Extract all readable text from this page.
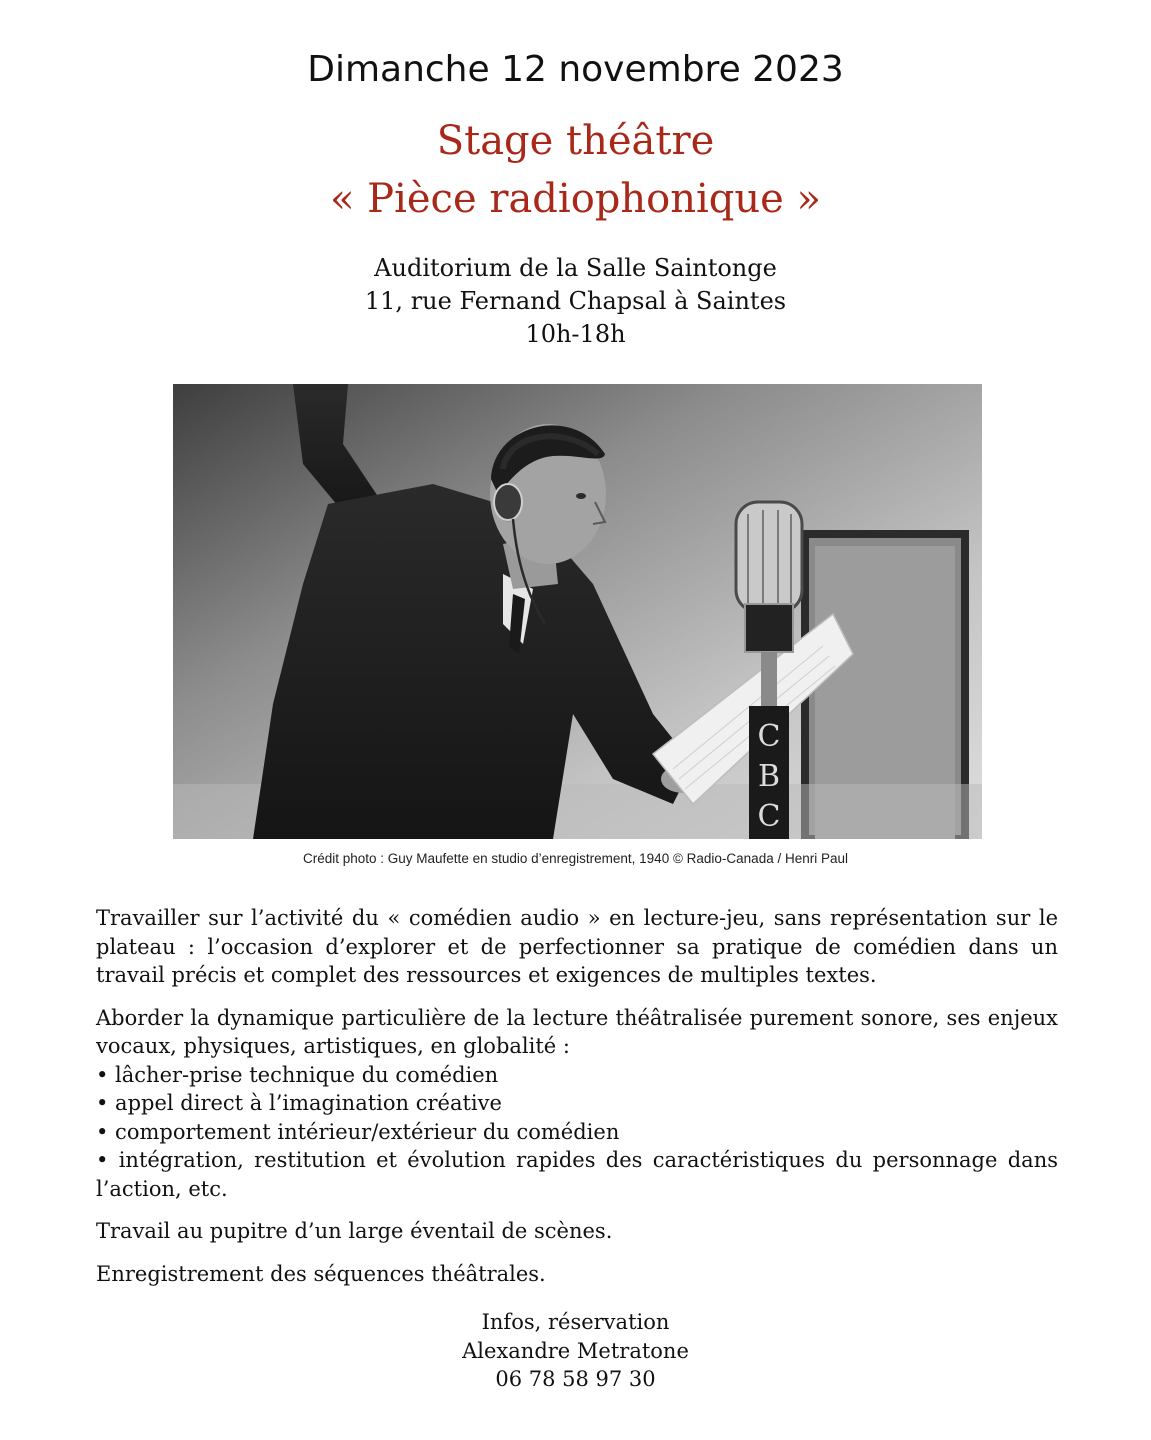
Dimanche 12 novembre 2023
Stage théâtre
« Pièce radiophonique »
Auditorium de la Salle Saintonge
11, rue Fernand Chapsal à Saintes
10h-18h
C
B
C
Crédit photo : Guy Maufette en studio d’enregistrement, 1940 © Radio-Canada / Henri Paul

Travailler sur l’activité du « comédien audio » en lecture-jeu, sans représentation sur le plateau : l’occasion d’explorer et de perfectionner sa pratique de comédien dans un travail précis et complet des ressources et exigences de multiples textes.

Aborder la dynamique particulière de la lecture théâtralisée purement sonore, ses enjeux vocaux, physiques, artistiques, en globalité :
• lâcher-prise technique du comédien
• appel direct à l’imagination créative
• comportement intérieur/extérieur du comédien
• intégration, restitution et évolution rapides des caractéristiques du personnage dans l’action, etc.

Travail au pupitre d’un large éventail de scènes.

Enregistrement des séquences théâtrales.

Infos, réservation
Alexandre Metratone
06 78 58 97 30
